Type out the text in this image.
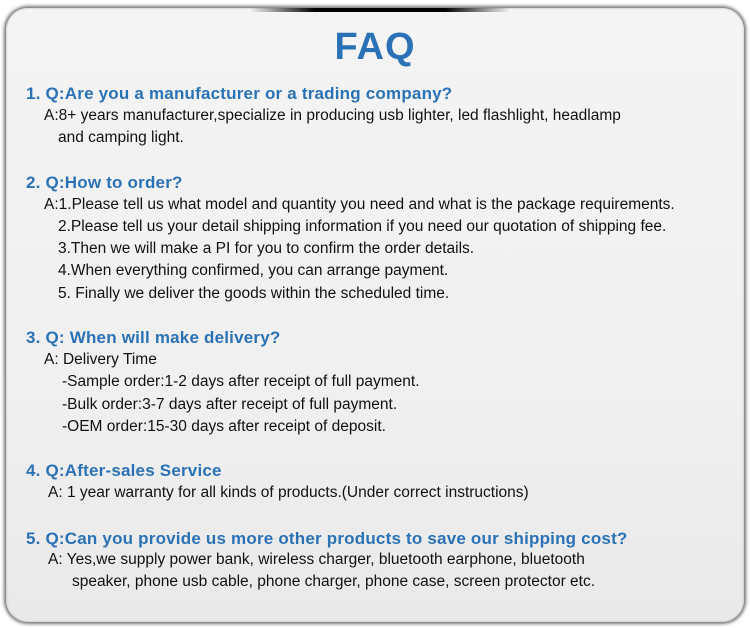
FAQ
1. Q:Are you a manufacturer or a trading company?
A:8+ years manufacturer,specialize in producing usb lighter, led flashlight, headlamp
and camping light.
2. Q:How to order?
A:1.Please tell us what model and quantity you need and what is the package requirements.
2.Please tell us your detail shipping information if you need our quotation of shipping fee.
3.Then we will make a PI for you to confirm the order details.
4.When everything confirmed, you can arrange payment.
5. Finally we deliver the goods within the scheduled time.
3. Q: When will make delivery?
A: Delivery Time
-Sample order:1-2 days after receipt of full payment.
-Bulk order:3-7 days after receipt of full payment.
-OEM order:15-30 days after receipt of deposit.
4. Q:After-sales Service
A: 1 year warranty for all kinds of products.(Under correct instructions)
5. Q:Can you provide us more other products to save our shipping cost?
A: Yes,we supply power bank, wireless charger, bluetooth earphone, bluetooth
speaker, phone usb cable, phone charger, phone case, screen protector etc.
